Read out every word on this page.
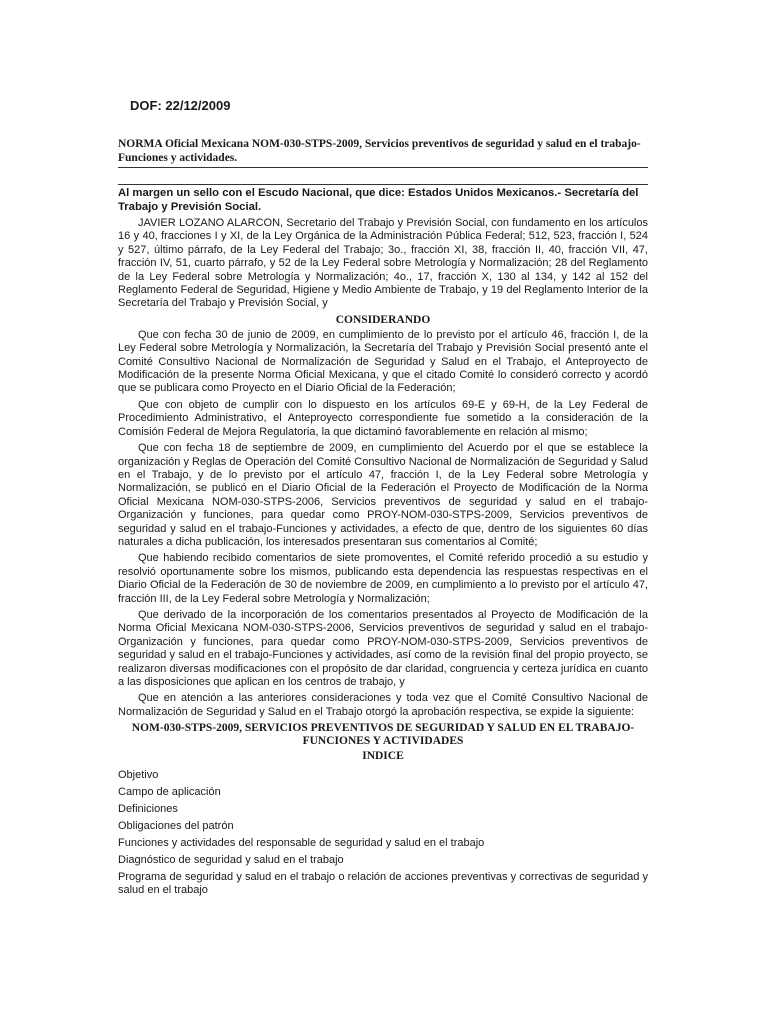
DOF: 22/12/2009
NORMA Oficial Mexicana NOM-030-STPS-2009, Servicios preventivos de seguridad y salud en el trabajo-Funciones y actividades.
Al margen un sello con el Escudo Nacional, que dice: Estados Unidos Mexicanos.- Secretaría del Trabajo y Previsión Social.

JAVIER LOZANO ALARCON, Secretario del Trabajo y Previsión Social, con fundamento en los artículos 16 y 40, fracciones I y XI, de la Ley Orgánica de la Administración Pública Federal; 512, 523, fracción I, 524 y 527, último párrafo, de la Ley Federal del Trabajo; 3o., fracción XI, 38, fracción II, 40, fracción VII, 47, fracción IV, 51, cuarto párrafo, y 52 de la Ley Federal sobre Metrología y Normalización; 28 del Reglamento de la Ley Federal sobre Metrología y Normalización; 4o., 17, fracción X, 130 al 134, y 142 al 152 del Reglamento Federal de Seguridad, Higiene y Medio Ambiente de Trabajo, y 19 del Reglamento Interior de la Secretaría del Trabajo y Previsión Social, y

CONSIDERANDO

Que con fecha 30 de junio de 2009, en cumplimiento de lo previsto por el artículo 46, fracción I, de la Ley Federal sobre Metrología y Normalización, la Secretaría del Trabajo y Previsión Social presentó ante el Comité Consultivo Nacional de Normalización de Seguridad y Salud en el Trabajo, el Anteproyecto de Modificación de la presente Norma Oficial Mexicana, y que el citado Comité lo consideró correcto y acordó que se publicara como Proyecto en el Diario Oficial de la Federación;

Que con objeto de cumplir con lo dispuesto en los artículos 69-E y 69-H, de la Ley Federal de Procedimiento Administrativo, el Anteproyecto correspondiente fue sometido a la consideración de la Comisión Federal de Mejora Regulatoria, la que dictaminó favorablemente en relación al mismo;

Que con fecha 18 de septiembre de 2009, en cumplimiento del Acuerdo por el que se establece la organización y Reglas de Operación del Comité Consultivo Nacional de Normalización de Seguridad y Salud en el Trabajo, y de lo previsto por el artículo 47, fracción I, de la Ley Federal sobre Metrología y Normalización, se publicó en el Diario Oficial de la Federación el Proyecto de Modificación de la Norma Oficial Mexicana NOM-030-STPS-2006, Servicios preventivos de seguridad y salud en el trabajo-Organización y funciones, para quedar como PROY-NOM-030-STPS-2009, Servicios preventivos de seguridad y salud en el trabajo-Funciones y actividades, a efecto de que, dentro de los siguientes 60 días naturales a dicha publicación, los interesados presentaran sus comentarios al Comité;

Que habiendo recibido comentarios de siete promoventes, el Comité referido procedió a su estudio y resolvió oportunamente sobre los mismos, publicando esta dependencia las respuestas respectivas en el Diario Oficial de la Federación de 30 de noviembre de 2009, en cumplimiento a lo previsto por el artículo 47, fracción III, de la Ley Federal sobre Metrología y Normalización;

Que derivado de la incorporación de los comentarios presentados al Proyecto de Modificación de la Norma Oficial Mexicana NOM-030-STPS-2006, Servicios preventivos de seguridad y salud en el trabajo-Organización y funciones, para quedar como PROY-NOM-030-STPS-2009, Servicios preventivos de seguridad y salud en el trabajo-Funciones y actividades, así como de la revisión final del propio proyecto, se realizaron diversas modificaciones con el propósito de dar claridad, congruencia y certeza jurídica en cuanto a las disposiciones que aplican en los centros de trabajo, y

Que en atención a las anteriores consideraciones y toda vez que el Comité Consultivo Nacional de Normalización de Seguridad y Salud en el Trabajo otorgó la aprobación respectiva, se expide la siguiente:

NOM-030-STPS-2009, SERVICIOS PREVENTIVOS DE SEGURIDAD Y SALUD EN EL TRABAJO-FUNCIONES Y ACTIVIDADES
INDICE
Objetivo
Campo de aplicación
Definiciones
Obligaciones del patrón
Funciones y actividades del responsable de seguridad y salud en el trabajo
Diagnóstico de seguridad y salud en el trabajo
Programa de seguridad y salud en el trabajo o relación de acciones preventivas y correctivas de seguridad y salud en el trabajo
